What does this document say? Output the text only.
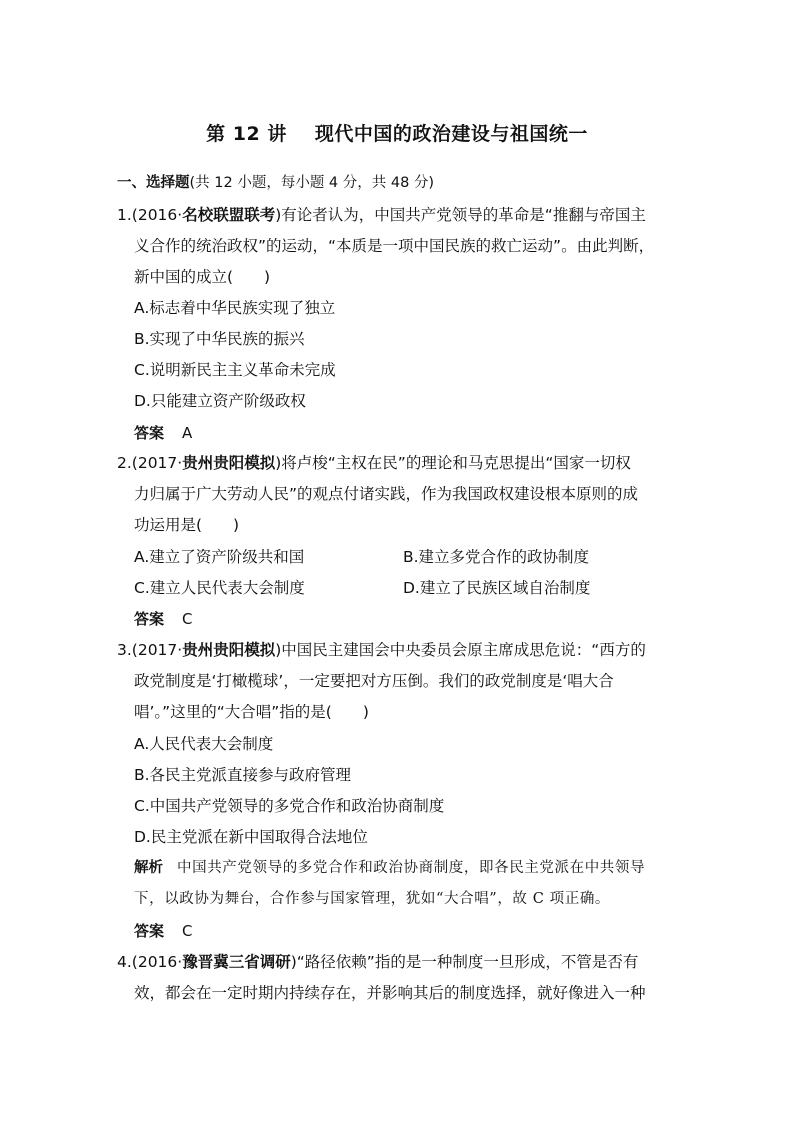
第 12 讲 现代中国的政治建设与祖国统一
一、选择题(共 12 小题，每小题 4 分，共 48 分)
1.(2016·名校联盟联考)有论者认为，中国共产党领导的革命是“推翻与帝国主
义合作的统治政权”的运动，“本质是一项中国民族的救亡运动”。由此判断，
新中国的成立(　　)
A.标志着中华民族实现了独立
B.实现了中华民族的振兴
C.说明新民主主义革命未完成
D.只能建立资产阶级政权
答案 A
2.(2017·贵州贵阳模拟)将卢梭“主权在民”的理论和马克思提出“国家一切权
力归属于广大劳动人民”的观点付诸实践，作为我国政权建设根本原则的成
功运用是(　　)
A.建立了资产阶级共和国	B.建立多党合作的政协制度
C.建立人民代表大会制度	D.建立了民族区域自治制度
答案 C
3.(2017·贵州贵阳模拟)中国民主建国会中央委员会原主席成思危说：“西方的
政党制度是‘打橄榄球’，一定要把对方压倒。我们的政党制度是‘唱大合
唱’。”这里的“大合唱”指的是(　　)
A.人民代表大会制度
B.各民主党派直接参与政府管理
C.中国共产党领导的多党合作和政治协商制度
D.民主党派在新中国取得合法地位
解析 中国共产党领导的多党合作和政治协商制度，即各民主党派在中共领导
下，以政协为舞台，合作参与国家管理，犹如“大合唱”，故 C 项正确。
答案 C
4.(2016·豫晋冀三省调研)“路径依赖”指的是一种制度一旦形成，不管是否有
效，都会在一定时期内持续存在，并影响其后的制度选择，就好像进入一种
